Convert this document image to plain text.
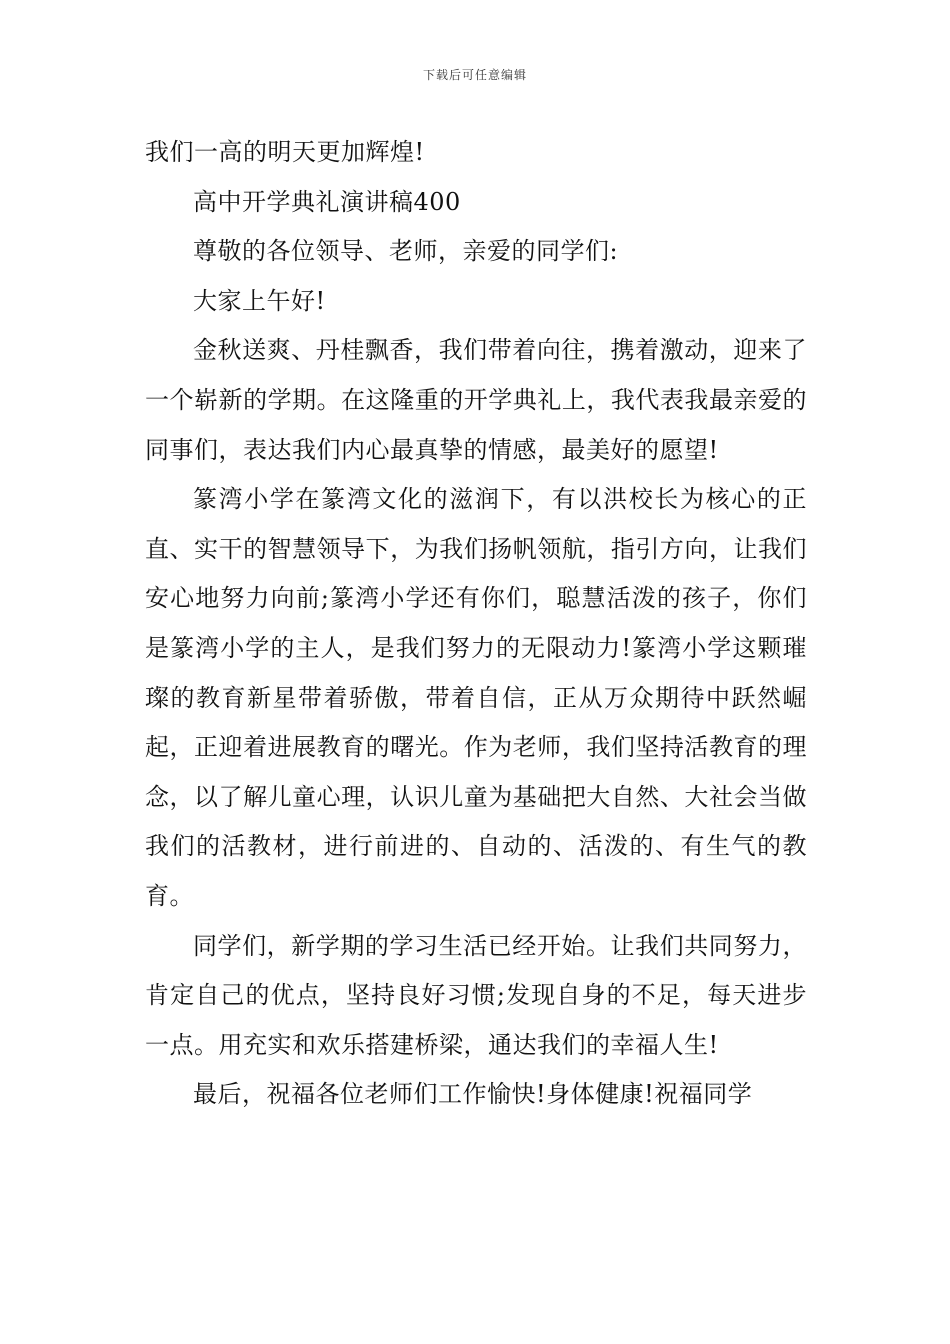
下载后可任意编辑

我们一高的明天更加辉煌!

高中开学典礼演讲稿400

尊敬的各位领导、老师，亲爱的同学们:

大家上午好!

金秋送爽、丹桂飘香，我们带着向往，携着激动，迎来了一个崭新的学期。在这隆重的开学典礼上，我代表我最亲爱的同事们，表达我们内心最真挚的情感，最美好的愿望!

篆湾小学在篆湾文化的滋润下，有以洪校长为核心的正直、实干的智慧领导下，为我们扬帆领航，指引方向，让我们安心地努力向前;篆湾小学还有你们，聪慧活泼的孩子，你们是篆湾小学的主人，是我们努力的无限动力!篆湾小学这颗璀璨的教育新星带着骄傲，带着自信，正从万众期待中跃然崛起，正迎着进展教育的曙光。作为老师，我们坚持活教育的理念，以了解儿童心理，认识儿童为基础把大自然、大社会当做我们的活教材，进行前进的、自动的、活泼的、有生气的教育。

同学们，新学期的学习生活已经开始。让我们共同努力，肯定自己的优点，坚持良好习惯;发现自身的不足，每天进步一点。用充实和欢乐搭建桥梁，通达我们的幸福人生!

最后，祝福各位老师们工作愉快!身体健康!祝福同学
